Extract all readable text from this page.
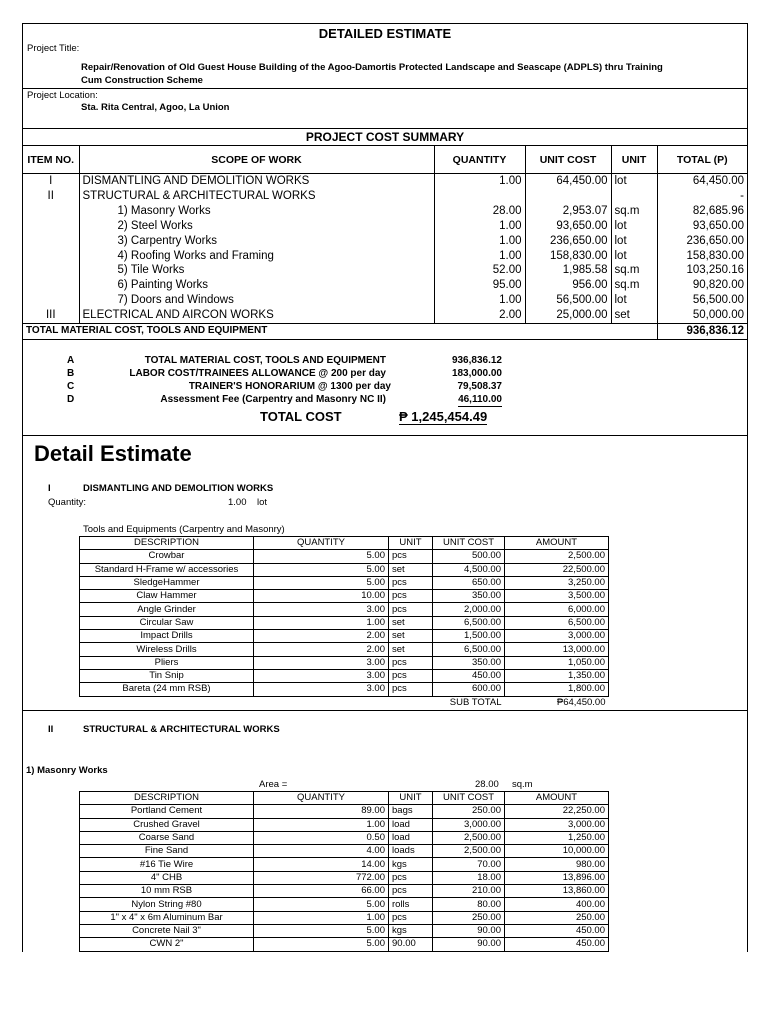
DETAILED ESTIMATE
Project Title:
Repair/Renovation of Old Guest House Building of the Agoo-Damortis Protected Landscape and Seascape (ADPLS) thru Training
Cum Construction Scheme
Project Location:
Sta. Rita Central, Agoo, La Union
PROJECT COST SUMMARY
ITEM NO.	SCOPE OF WORK	QUANTITY	UNIT COST	UNIT	TOTAL (P)
I	DISMANTLING AND DEMOLITION WORKS	1.00	64,450.00	lot	64,450.00
II	STRUCTURAL & ARCHITECTURAL WORKS				-
	1) Masonry Works	28.00	2,953.07	sq.m	82,685.96
	2) Steel Works	1.00	93,650.00	lot	93,650.00
	3) Carpentry Works	1.00	236,650.00	lot	236,650.00
	4) Roofing Works and Framing	1.00	158,830.00	lot	158,830.00
	5) Tile Works	52.00	1,985.58	sq.m	103,250.16
	6) Painting Works	95.00	956.00	sq.m	90,820.00
	7) Doors and Windows	1.00	56,500.00	lot	56,500.00
III	ELECTRICAL AND AIRCON WORKS	2.00	25,000.00	set	50,000.00
TOTAL MATERIAL COST, TOOLS AND EQUIPMENT					936,836.12
A	TOTAL MATERIAL COST, TOOLS AND EQUIPMENT	936,836.12
B	LABOR COST/TRAINEES ALLOWANCE @ 200 per day	183,000.00
C	TRAINER'S HONORARIUM @ 1300 per day	79,508.37
D	Assessment Fee (Carpentry and Masonry NC II)	46,110.00
TOTAL COST	₱ 1,245,454.49
Detail Estimate
I	DISMANTLING AND DEMOLITION WORKS
Quantity:	1.00 lot
Tools and Equipments (Carpentry and Masonry)
DESCRIPTION	QUANTITY	UNIT	UNIT COST	AMOUNT
Crowbar	5.00	pcs	500.00	2,500.00
Standard H-Frame w/ accessories	5.00	set	4,500.00	22,500.00
SledgeHammer	5.00	pcs	650.00	3,250.00
Claw Hammer	10.00	pcs	350.00	3,500.00
Angle Grinder	3.00	pcs	2,000.00	6,000.00
Circular Saw	1.00	set	6,500.00	6,500.00
Impact Drills	2.00	set	1,500.00	3,000.00
Wireless Drills	2.00	set	6,500.00	13,000.00
Pliers	3.00	pcs	350.00	1,050.00
Tin Snip	3.00	pcs	450.00	1,350.00
Bareta (24 mm RSB)	3.00	pcs	600.00	1,800.00
	SUB TOTAL			₱64,450.00
II	STRUCTURAL & ARCHITECTURAL WORKS
1) Masonry Works
Area =	28.00 sq.m
DESCRIPTION	QUANTITY	UNIT	UNIT COST	AMOUNT
Portland Cement	89.00	bags	250.00	22,250.00
Crushed Gravel	1.00	load	3,000.00	3,000.00
Coarse Sand	0.50	load	2,500.00	1,250.00
Fine Sand	4.00	loads	2,500.00	10,000.00
#16 Tie Wire	14.00	kgs	70.00	980.00
4" CHB	772.00	pcs	18.00	13,896.00
10 mm RSB	66.00	pcs	210.00	13,860.00
Nylon String #80	5.00	rolls	80.00	400.00
1" x 4" x 6m Aluminum Bar	1.00	pcs	250.00	250.00
Concrete Nail 3"	5.00	kgs	90.00	450.00
CWN 2"	5.00	90.00	90.00	450.00
